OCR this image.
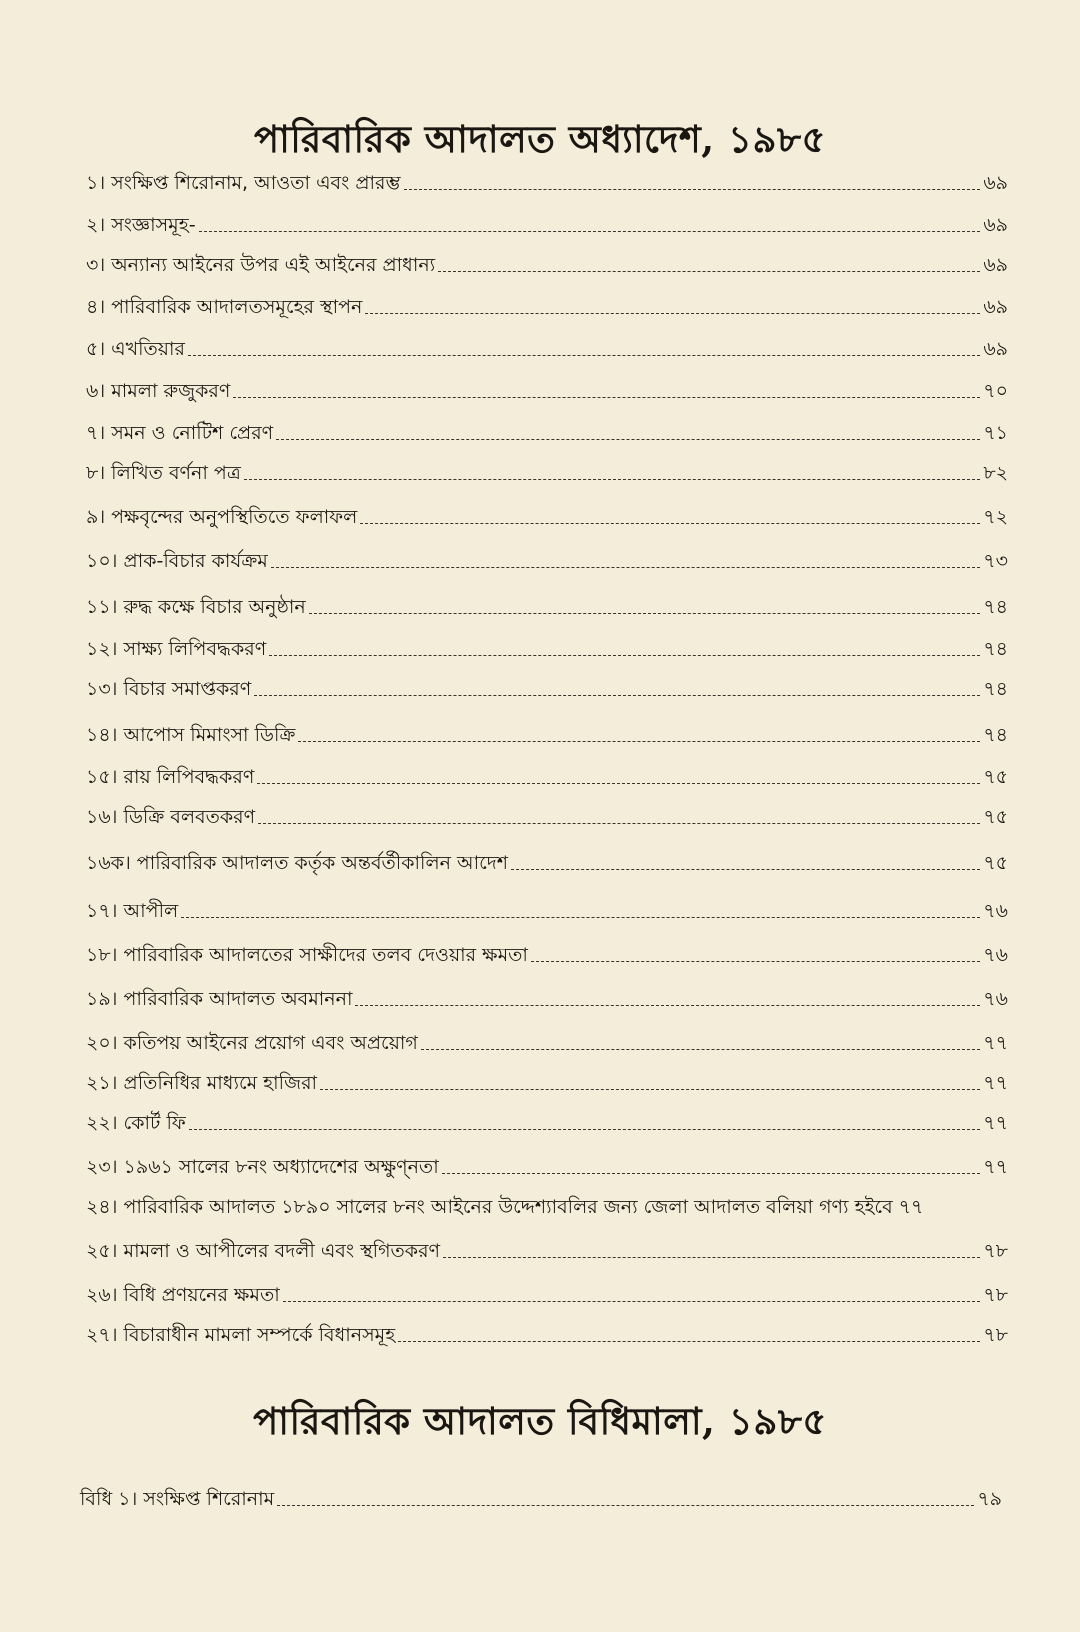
পারিবারিক আদালত অধ্যাদেশ, ১৯৮৫
১। সংক্ষিপ্ত শিরোনাম, আওতা এবং প্রারম্ভ	৬৯
২। সংজ্ঞাসমূহ-	৬৯
৩। অন্যান্য আইনের উপর এই আইনের প্রাধান্য	৬৯
৪। পারিবারিক আদালতসমূহের স্থাপন	৬৯
৫। এখতিয়ার	৬৯
৬। মামলা রুজুকরণ	৭০
৭। সমন ও নোটিশ প্রেরণ	৭১
৮। লিখিত বর্ণনা পত্র	৮২
৯। পক্ষবৃন্দের অনুপস্থিতিতে ফলাফল	৭২
১০। প্রাক-বিচার কার্যক্রম	৭৩
১১। রুদ্ধ কক্ষে বিচার অনুষ্ঠান	৭৪
১২। সাক্ষ্য লিপিবদ্ধকরণ	৭৪
১৩। বিচার সমাপ্তকরণ	৭৪
১৪। আপোস মিমাংসা ডিক্রি	৭৪
১৫। রায় লিপিবদ্ধকরণ	৭৫
১৬। ডিক্রি বলবতকরণ	৭৫
১৬ক। পারিবারিক আদালত কর্তৃক অন্তর্বর্তীকালিন আদেশ	৭৫
১৭। আপীল	৭৬
১৮। পারিবারিক আদালতের সাক্ষীদের তলব দেওয়ার ক্ষমতা	৭৬
১৯। পারিবারিক আদালত অবমাননা	৭৬
২০। কতিপয় আইনের প্রয়োগ এবং অপ্রয়োগ	৭৭
২১। প্রতিনিধির মাধ্যমে হাজিরা	৭৭
২২। কোর্ট ফি	৭৭
২৩। ১৯৬১ সালের ৮নং অধ্যাদেশের অক্ষুণ্নতা	৭৭
২৪। পারিবারিক আদালত ১৮৯০ সালের ৮নং আইনের উদ্দেশ্যাবলির জন্য জেলা আদালত বলিয়া গণ্য হইবে ৭৭
২৫। মামলা ও আপীলের বদলী এবং স্থগিতকরণ	৭৮
২৬। বিধি প্রণয়নের ক্ষমতা	৭৮
২৭। বিচারাধীন মামলা সম্পর্কে বিধানসমূহ	৭৮
পারিবারিক আদালত বিধিমালা, ১৯৮৫
বিধি ১। সংক্ষিপ্ত শিরোনাম	৭৯
